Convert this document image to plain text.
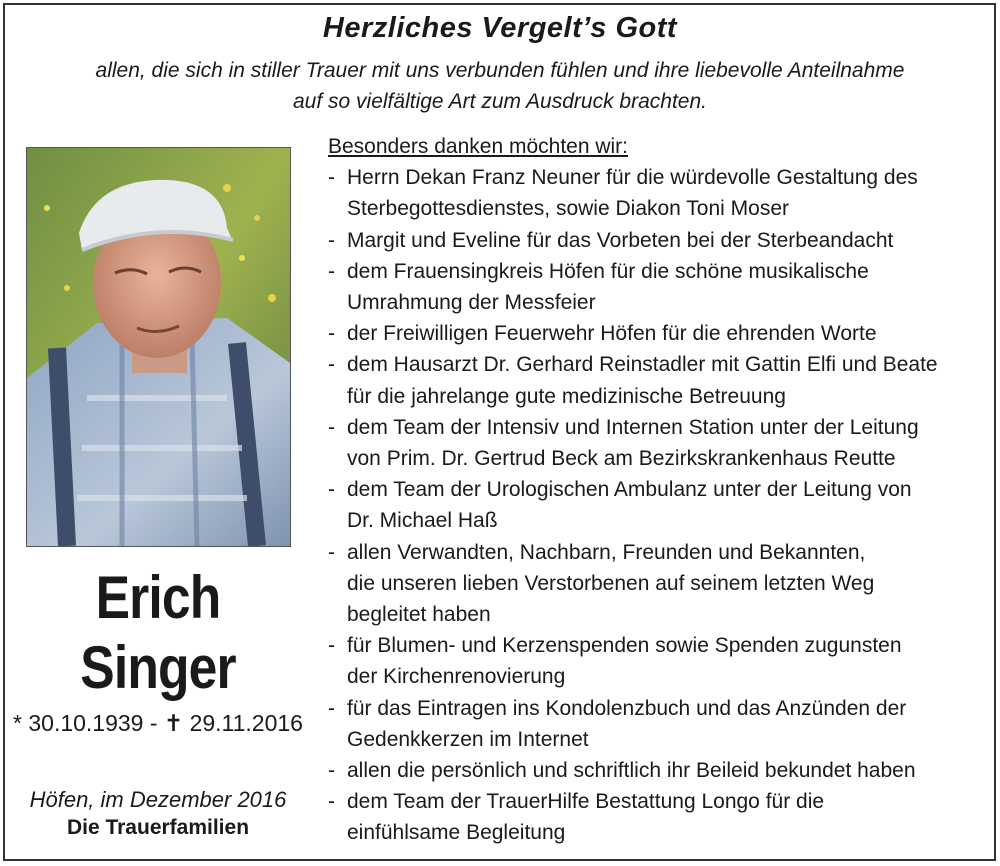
Herzliches Vergelt’s Gott
allen, die sich in stiller Trauer mit uns verbunden fühlen und ihre liebevolle Anteilnahme
auf so vielfältige Art zum Ausdruck brachten.
Erich
Singer
* 30.10.1939 - ✝ 29.11.2016
Höfen, im Dezember 2016
Die Trauerfamilien
Besonders danken möchten wir:
- Herrn Dekan Franz Neuner für die würdevolle Gestaltung des
Sterbegottesdienstes, sowie Diakon Toni Moser
- Margit und Eveline für das Vorbeten bei der Sterbeandacht
- dem Frauensingkreis Höfen für die schöne musikalische
Umrahmung der Messfeier
- der Freiwilligen Feuerwehr Höfen für die ehrenden Worte
- dem Hausarzt Dr. Gerhard Reinstadler mit Gattin Elfi und Beate
für die jahrelange gute medizinische Betreuung
- dem Team der Intensiv und Internen Station unter der Leitung
von Prim. Dr. Gertrud Beck am Bezirkskrankenhaus Reutte
- dem Team der Urologischen Ambulanz unter der Leitung von
Dr. Michael Haß
- allen Verwandten, Nachbarn, Freunden und Bekannten,
die unseren lieben Verstorbenen auf seinem letzten Weg
begleitet haben
- für Blumen- und Kerzenspenden sowie Spenden zugunsten
der Kirchenrenovierung
- für das Eintragen ins Kondolenzbuch und das Anzünden der
Gedenkkerzen im Internet
- allen die persönlich und schriftlich ihr Beileid bekundet haben
- dem Team der TrauerHilfe Bestattung Longo für die
einfühlsame Begleitung
